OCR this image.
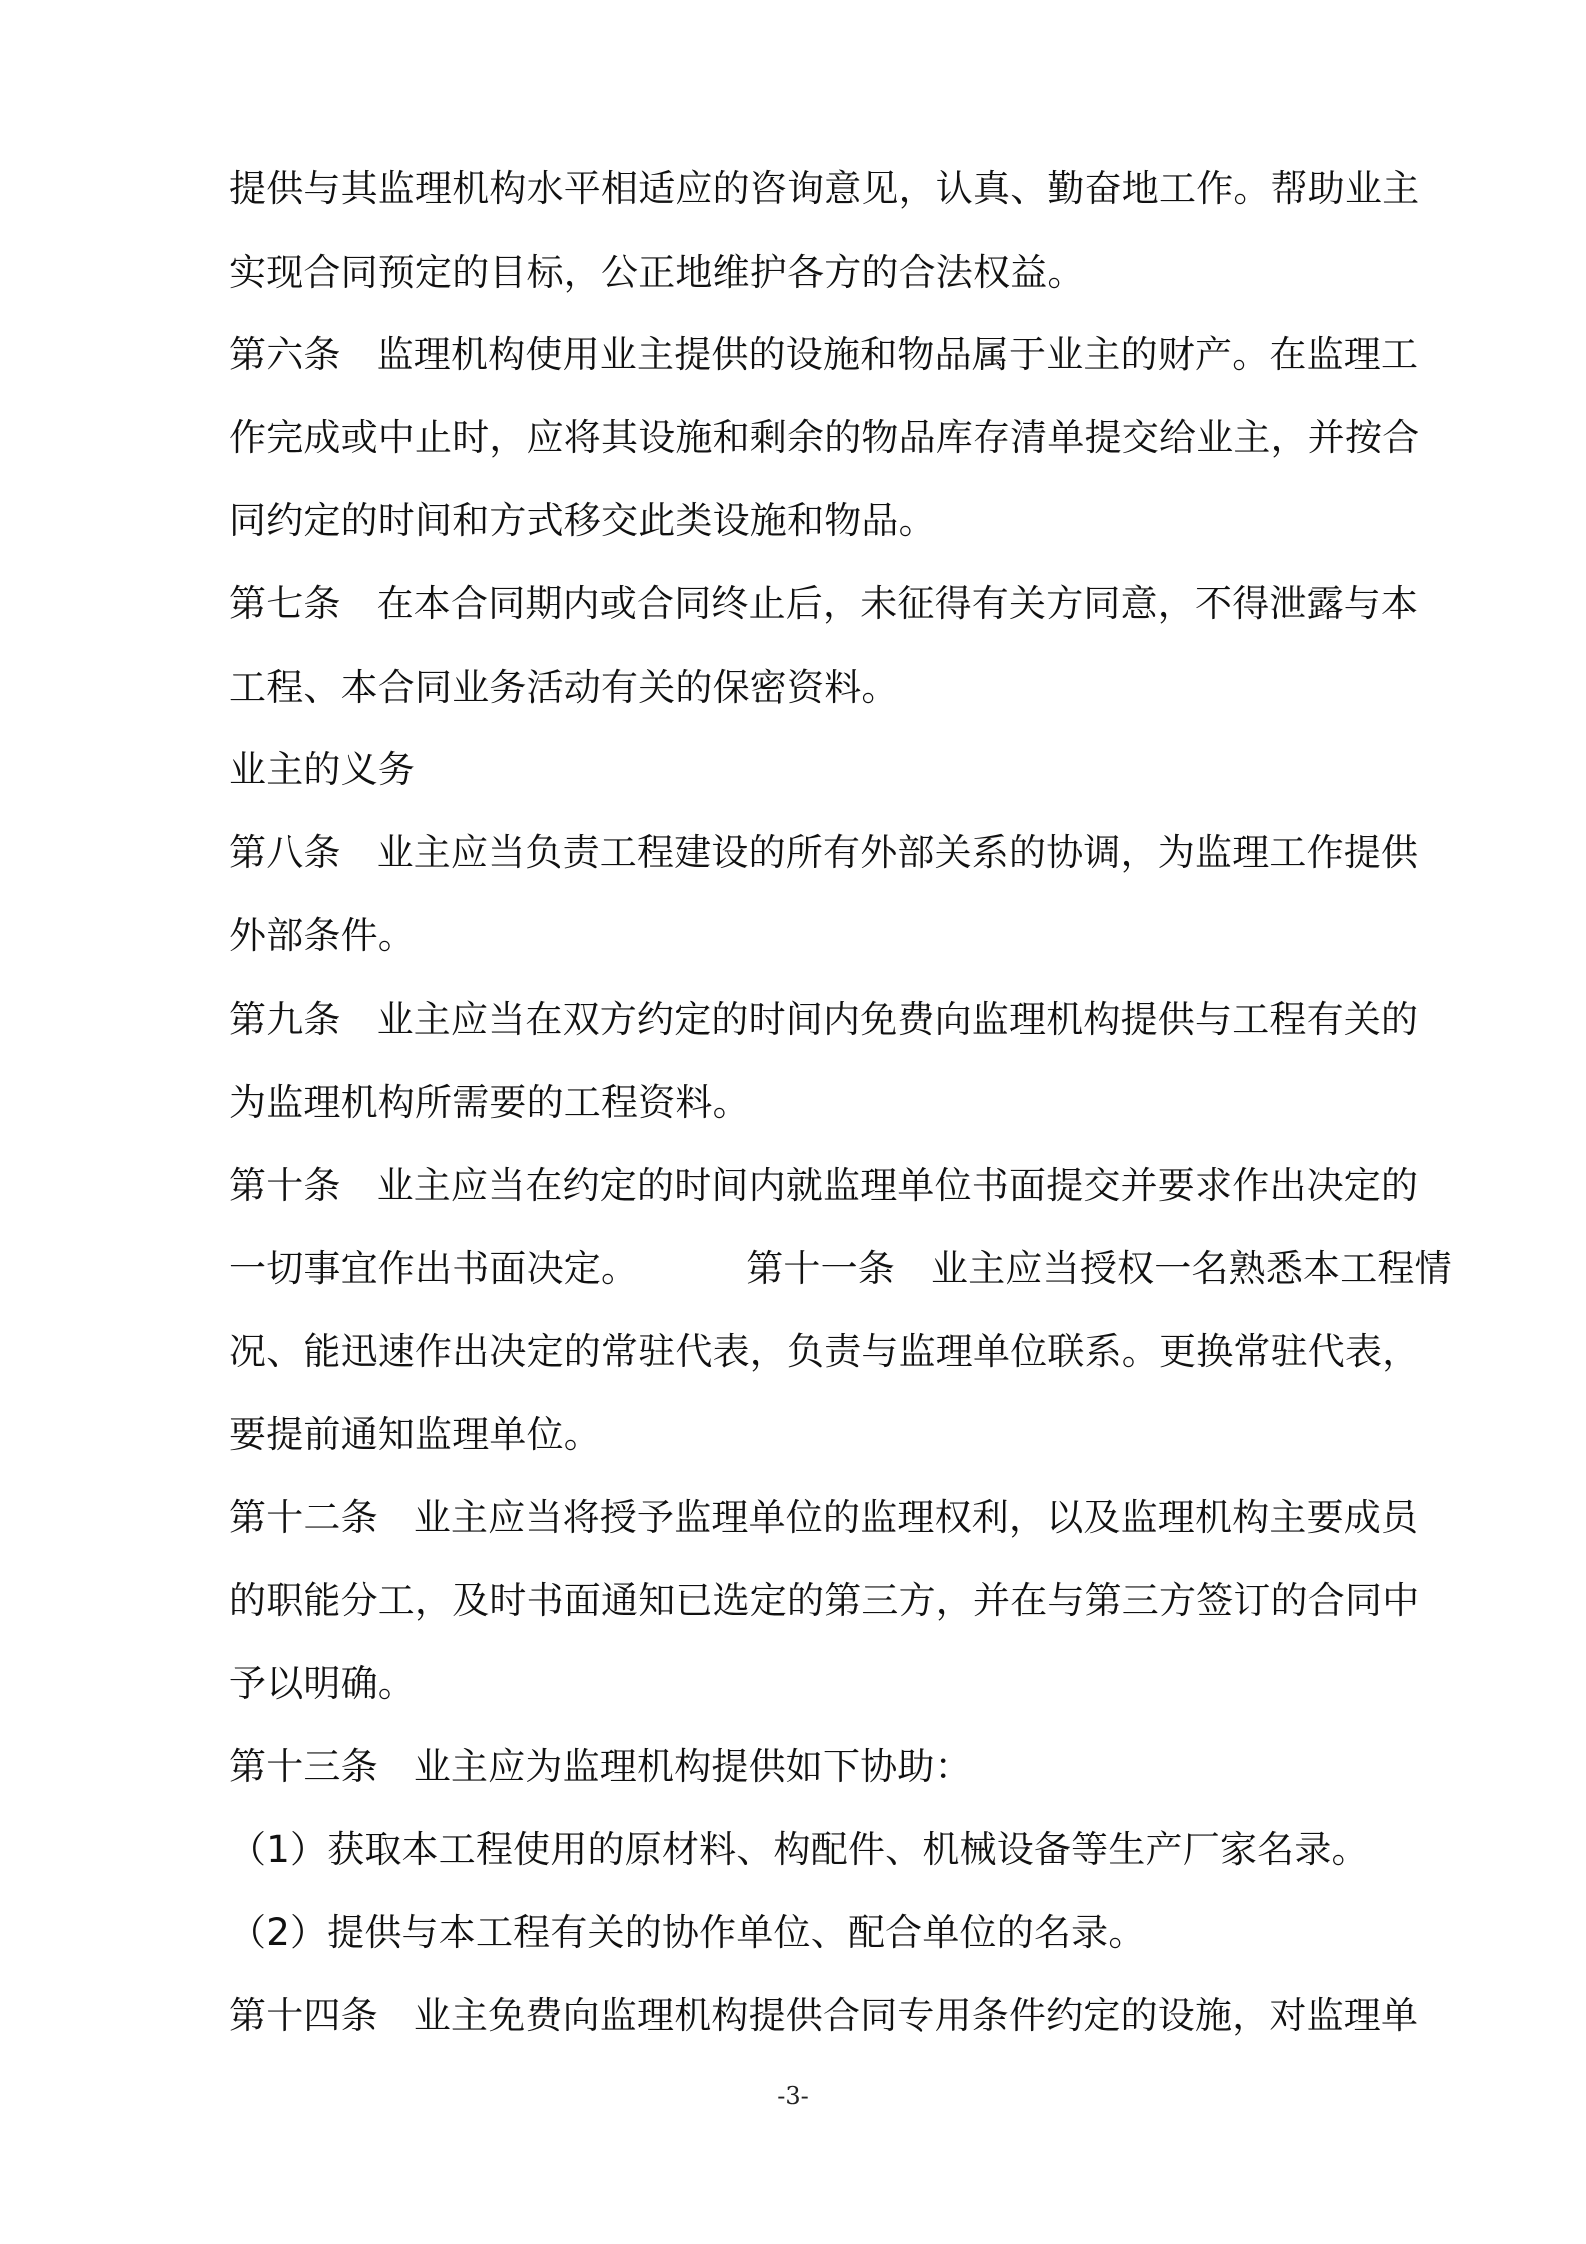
提供与其监理机构水平相适应的咨询意见，认真、勤奋地工作。帮助业主
实现合同预定的目标，公正地维护各方的合法权益。
第六条 监理机构使用业主提供的设施和物品属于业主的财产。在监理工
作完成或中止时，应将其设施和剩余的物品库存清单提交给业主，并按合
同约定的时间和方式移交此类设施和物品。
第七条 在本合同期内或合同终止后，未征得有关方同意，不得泄露与本
工程、本合同业务活动有关的保密资料。
业主的义务
第八条 业主应当负责工程建设的所有外部关系的协调，为监理工作提供
外部条件。
第九条 业主应当在双方约定的时间内免费向监理机构提供与工程有关的
为监理机构所需要的工程资料。
第十条 业主应当在约定的时间内就监理单位书面提交并要求作出决定的
一切事宜作出书面决定。	第十一条 业主应当授权一名熟悉本工程情
况、能迅速作出决定的常驻代表，负责与监理单位联系。更换常驻代表，
要提前通知监理单位。
第十二条 业主应当将授予监理单位的监理权利，以及监理机构主要成员
的职能分工，及时书面通知已选定的第三方，并在与第三方签订的合同中
予以明确。
第十三条 业主应为监理机构提供如下协助：
（1）获取本工程使用的原材料、构配件、机械设备等生产厂家名录。
（2）提供与本工程有关的协作单位、配合单位的名录。
第十四条 业主免费向监理机构提供合同专用条件约定的设施，对监理单
-3-
